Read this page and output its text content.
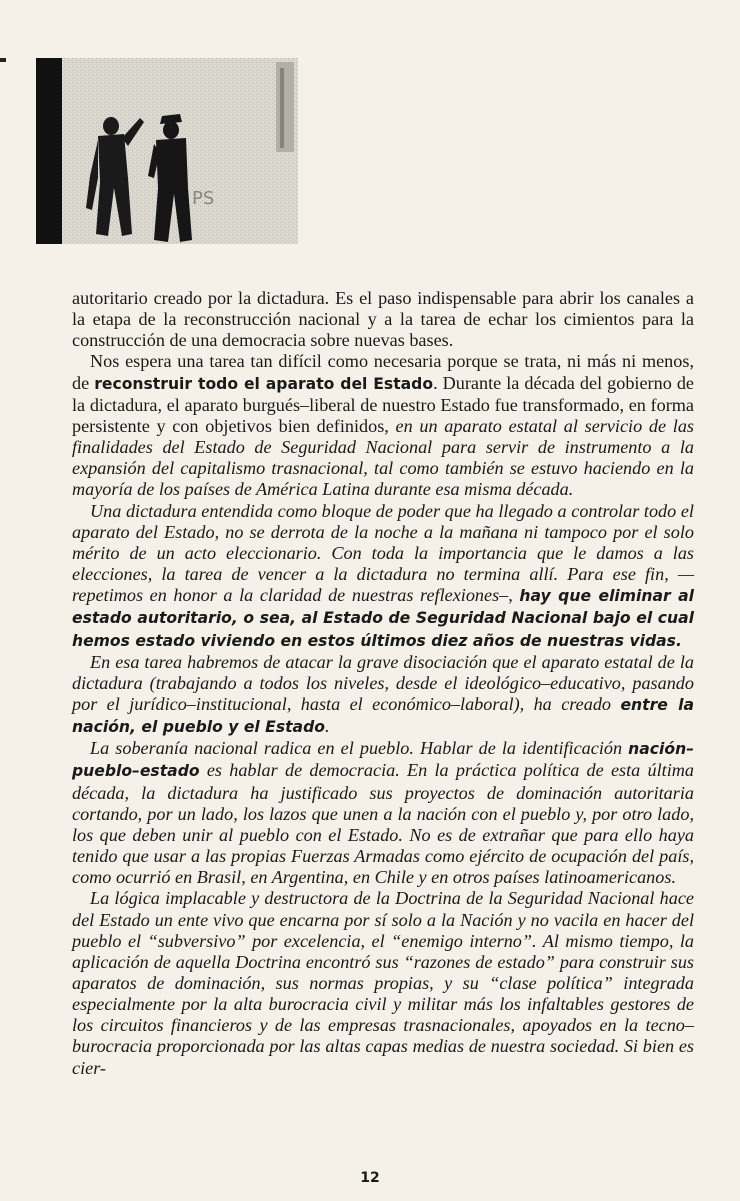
PS

autoritario creado por la dictadura. Es el paso indispensable para abrir los canales a la etapa de la reconstrucción nacional y a la tarea de echar los cimientos para la construcción de una democracia sobre nuevas bases.

Nos espera una tarea tan difícil como necesaria porque se trata, ni más ni menos, de reconstruir todo el aparato del Estado. Durante la década del gobierno de la dictadura, el aparato burgués–liberal de nuestro Estado fue transformado, en forma persistente y con objetivos bien definidos, en un aparato estatal al servicio de las finalidades del Estado de Seguridad Nacional para servir de instrumento a la expansión del capitalismo trasnacional, tal como también se estuvo haciendo en la mayoría de los países de América Latina durante esa misma década.

Una dictadura entendida como bloque de poder que ha llegado a controlar todo el aparato del Estado, no se derrota de la noche a la mañana ni tampoco por el solo mérito de un acto eleccionario. Con toda la importancia que le damos a las elecciones, la tarea de vencer a la dictadura no termina allí. Para ese fin, — repetimos en honor a la claridad de nuestras reflexiones–, hay que eliminar al estado autoritario, o sea, al Estado de Seguridad Nacional bajo el cual hemos estado viviendo en estos últimos diez años de nuestras vidas.

En esa tarea habremos de atacar la grave disociación que el aparato estatal de la dictadura (trabajando a todos los niveles, desde el ideológico–educativo, pasando por el jurídico–institucional, hasta el económico–laboral), ha creado entre la nación, el pueblo y el Estado.

La soberanía nacional radica en el pueblo. Hablar de la identificación nación–pueblo–estado es hablar de democracia. En la práctica política de esta última década, la dictadura ha justificado sus proyectos de dominación autoritaria cortando, por un lado, los lazos que unen a la nación con el pueblo y, por otro lado, los que deben unir al pueblo con el Estado. No es de extrañar que para ello haya tenido que usar a las propias Fuerzas Armadas como ejército de ocupación del país, como ocurrió en Brasil, en Argentina, en Chile y en otros países latinoamericanos.

La lógica implacable y destructora de la Doctrina de la Seguridad Nacional hace del Estado un ente vivo que encarna por sí solo a la Nación y no vacila en hacer del pueblo el “subversivo” por excelencia, el “enemigo interno”. Al mismo tiempo, la aplicación de aquella Doctrina encontró sus “razones de estado” para construir sus aparatos de dominación, sus normas propias, y su “clase política” integrada especialmente por la alta burocracia civil y militar más los infaltables gestores de los circuitos financieros y de las empresas trasnacionales, apoyados en la tecno–burocracia proporcionada por las altas capas medias de nuestra sociedad. Si bien es cier-

12
